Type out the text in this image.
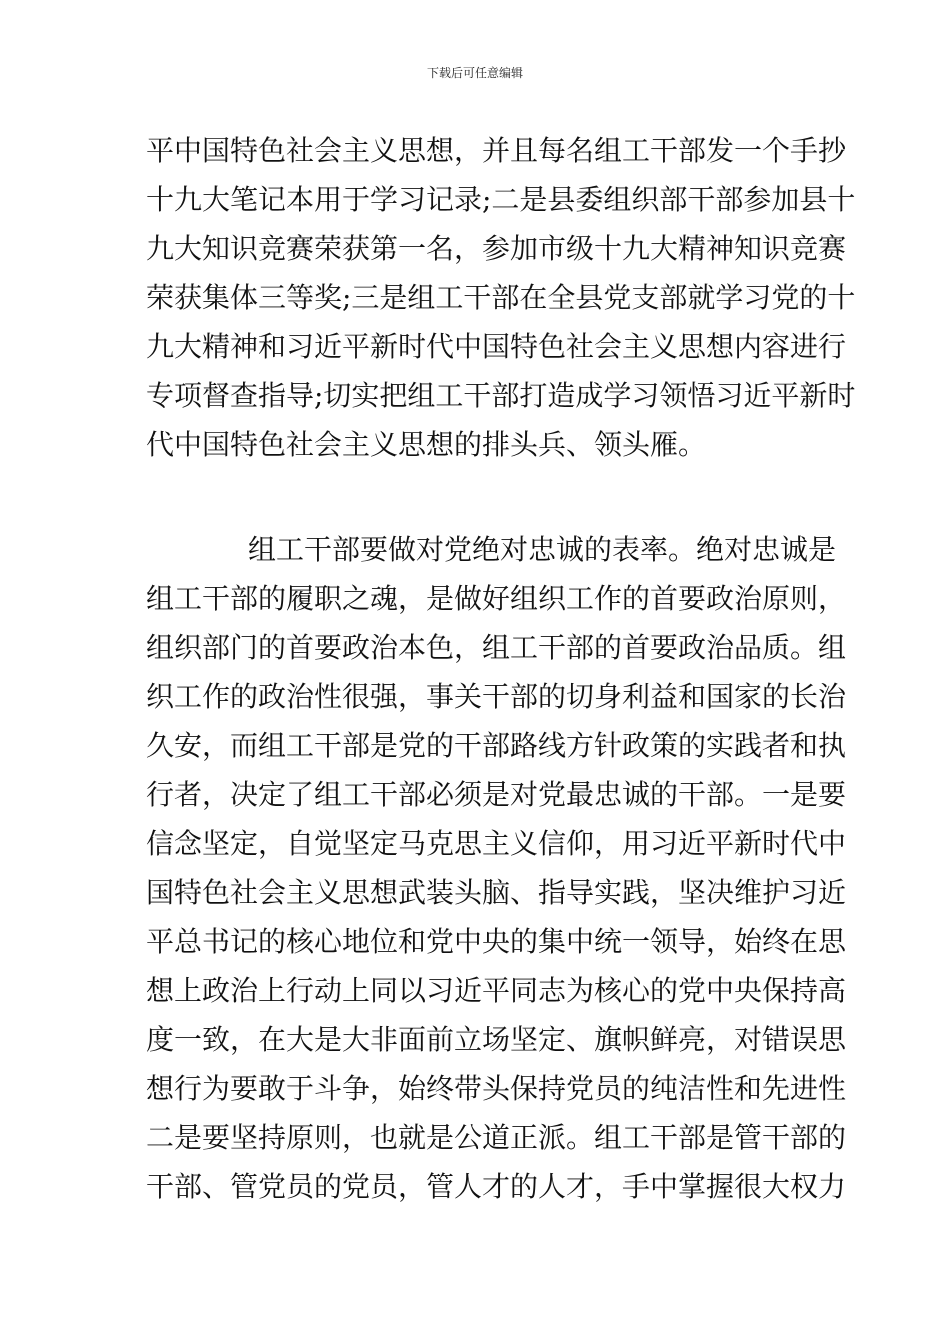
下载后可任意编辑
平中国特色社会主义思想，并且每名组工干部发一个手抄
十九大笔记本用于学习记录;二是县委组织部干部参加县十
九大知识竞赛荣获第一名，参加市级十九大精神知识竞赛
荣获集体三等奖;三是组工干部在全县党支部就学习党的十
九大精神和习近平新时代中国特色社会主义思想内容进行
专项督查指导;切实把组工干部打造成学习领悟习近平新时
代中国特色社会主义思想的排头兵、领头雁。
组工干部要做对党绝对忠诚的表率。绝对忠诚是
组工干部的履职之魂，是做好组织工作的首要政治原则，
组织部门的首要政治本色，组工干部的首要政治品质。组
织工作的政治性很强，事关干部的切身利益和国家的长治
久安，而组工干部是党的干部路线方针政策的实践者和执
行者，决定了组工干部必须是对党最忠诚的干部。一是要
信念坚定，自觉坚定马克思主义信仰，用习近平新时代中
国特色社会主义思想武装头脑、指导实践，坚决维护习近
平总书记的核心地位和党中央的集中统一领导，始终在思
想上政治上行动上同以习近平同志为核心的党中央保持高
度一致，在大是大非面前立场坚定、旗帜鲜亮，对错误思
想行为要敢于斗争，始终带头保持党员的纯洁性和先进性
二是要坚持原则，也就是公道正派。组工干部是管干部的
干部、管党员的党员，管人才的人才，手中掌握很大权力
